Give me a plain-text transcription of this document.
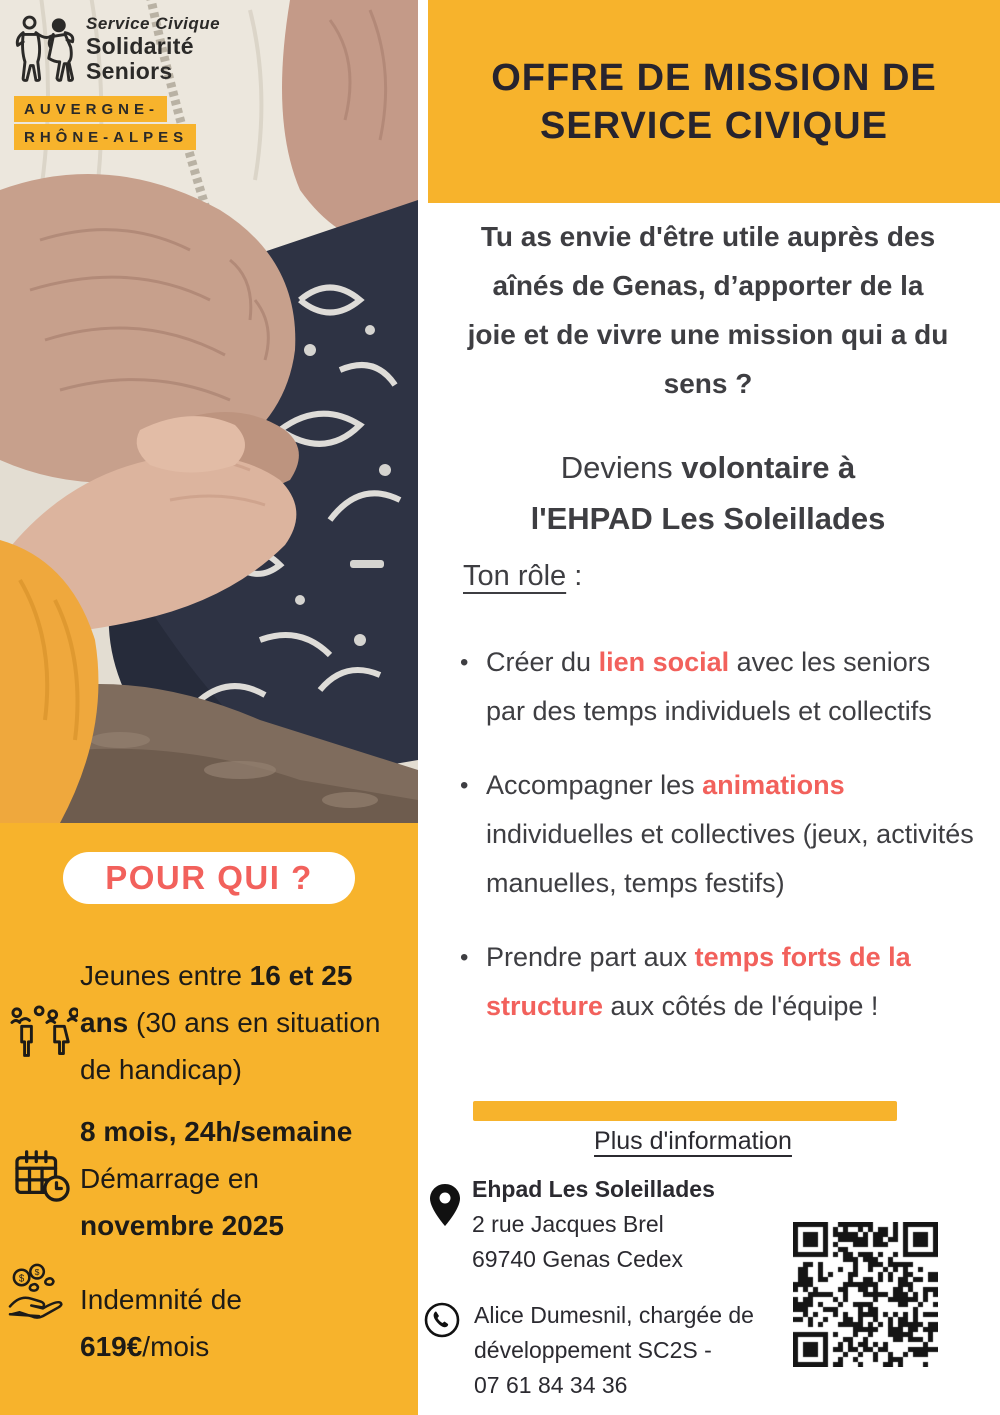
Service Civique
Solidarité
Seniors
AUVERGNE-
RHÔNE-ALPES
POUR QUI ?
Jeunes entre 16 et 25 ans (30 ans en situation de handicap)
8 mois, 24h/semaine
Démarrage en
novembre 2025
$
$
Indemnité de
619€/mois
OFFRE DE MISSION DE
SERVICE CIVIQUE
Tu as envie d'être utile auprès des
aînés de Genas, d’apporter de la
joie et de vivre une mission qui a du
sens ?
Deviens volontaire à
l'EHPAD Les Soleillades
Ton rôle :
• Créer du lien social avec les seniors par des temps individuels et collectifs
• Accompagner les animations individuelles et collectives (jeux, activités manuelles, temps festifs)
• Prendre part aux temps forts de la structure aux côtés de l'équipe !
Plus d'information
Ehpad Les Soleillades
2 rue Jacques Brel
69740 Genas Cedex
Alice Dumesnil, chargée de
développement SC2S -
07 61 84 34 36
